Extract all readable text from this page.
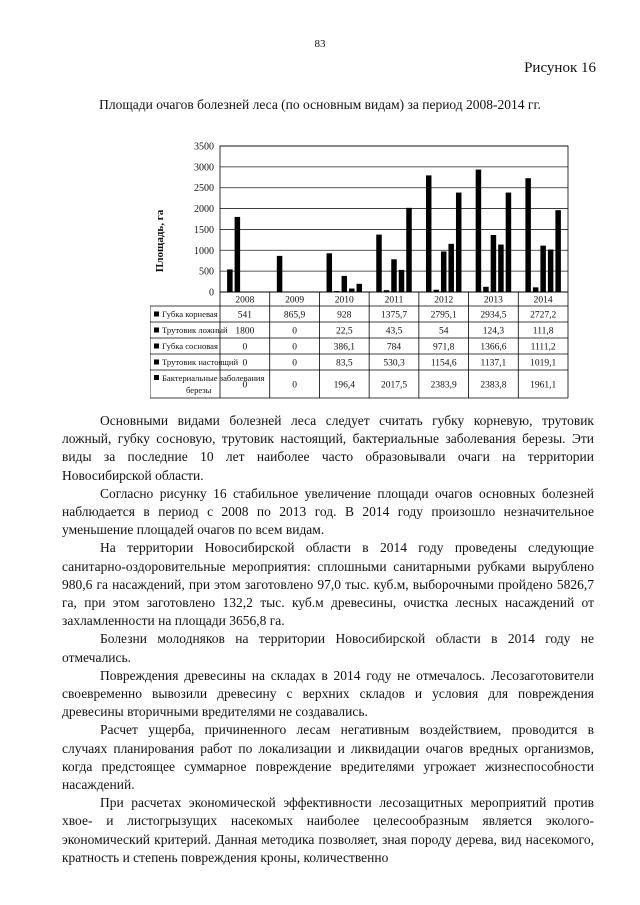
83
Рисунок 16
Площади очагов болезней леса (по основным видам) за период 2008-2014 гг.
Площадь, га
0
500
1000
1500
2000
2500
3000
3500
2008	2009	2010	2011	2012	2013	2014
Губка корневая 541	865,9	928	1375,7 2795,1 2934,5 2727,2
Трутовик ложный 1800	0	22,5	43,5	54	124,3	111,8
Губка сосновая	0	0	386,1	784	971,8	1366,6	1111,2
Трутовик настоящий 0	0	83,5	530,3	1154,6	1137,1	1019,1
Бактериальные заболевания
березы	0	0	196,4	2017,5 2383,9 2383,8 1961,1

Основными видами болезней леса следует считать губку корневую, трутовик ложный, губку сосновую, трутовик настоящий, бактериальные заболевания березы. Эти виды за последние 10 лет наиболее часто образовывали очаги на территории Новосибирской области.

Согласно рисунку 16 стабильное увеличение площади очагов основных болезней наблюдается в период с 2008 по 2013 год. В 2014 году произошло незначительное уменьшение площадей очагов по всем видам.

На территории Новосибирской области в 2014 году проведены следующие санитарно-оздоровительные мероприятия: сплошными санитарными рубками вырублено 980,6 га насаждений, при этом заготовлено 97,0 тыс. куб.м, выборочными пройдено 5826,7 га, при этом заготовлено 132,2 тыс. куб.м древесины, очистка лесных насаждений от захламленности на площади 3656,8 га.

Болезни молодняков на территории Новосибирской области в 2014 году не отмечались.

Повреждения древесины на складах в 2014 году не отмечалось. Лесозаготовители своевременно вывозили древесину с верхних складов и условия для повреждения древесины вторичными вредителями не создавались.

Расчет ущерба, причиненного лесам негативным воздействием, проводится в случаях планирования работ по локализации и ликвидации очагов вредных организмов, когда предстоящее суммарное повреждение вредителями угрожает жизнеспособности насаждений.

При расчетах экономической эффективности лесозащитных мероприятий против хвое- и листогрызущих насекомых наиболее целесообразным является эколого-экономический критерий. Данная методика позволяет, зная породу дерева, вид насекомого, кратность и степень повреждения кроны, количественно
